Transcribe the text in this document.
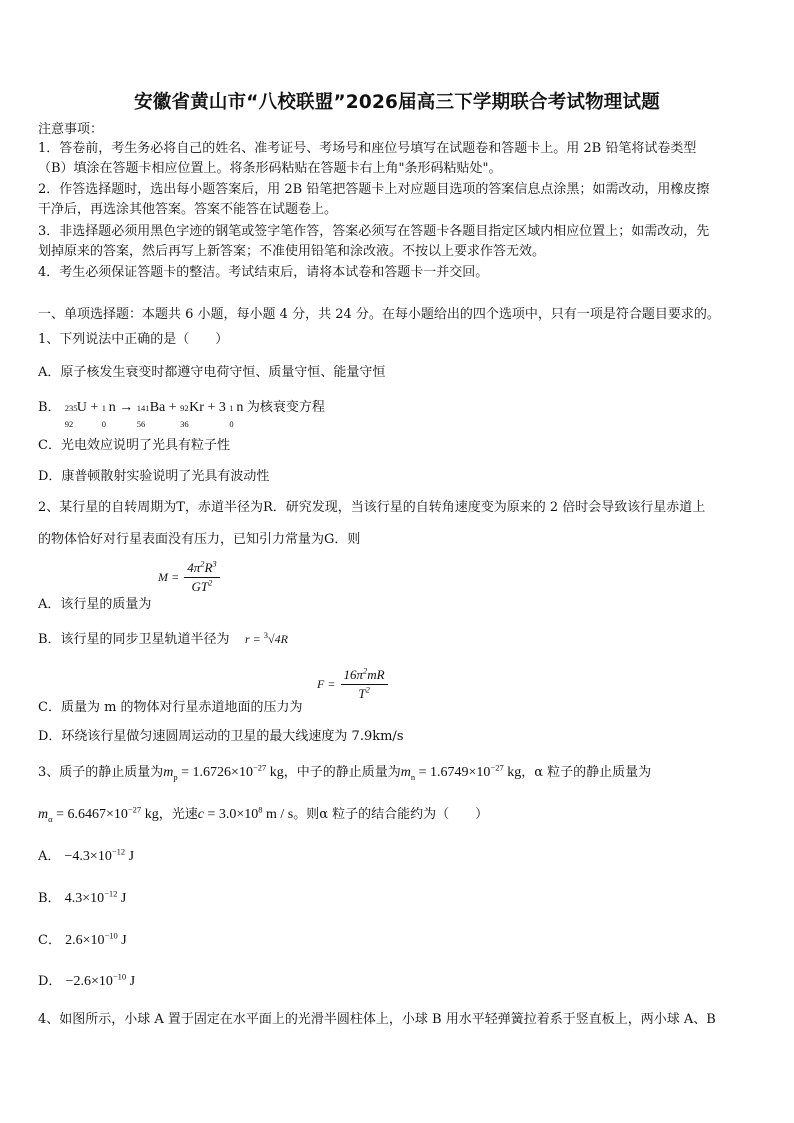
安徽省黄山市“八校联盟”2026届高三下学期联合考试物理试题
注意事项：
1．答卷前，考生务必将自己的姓名、准考证号、考场号和座位号填写在试题卷和答题卡上。用 2B 铅笔将试卷类型
（B）填涂在答题卡相应位置上。将条形码粘贴在答题卡右上角"条形码粘贴处"。
2．作答选择题时，选出每小题答案后，用 2B 铅笔把答题卡上对应题目选项的答案信息点涂黑；如需改动，用橡皮擦
干净后，再选涂其他答案。答案不能答在试题卷上。
3．非选择题必须用黑色字迹的钢笔或签字笔作答，答案必须写在答题卡各题目指定区域内相应位置上；如需改动，先
划掉原来的答案，然后再写上新答案；不准使用铅笔和涂改液。不按以上要求作答无效。
4．考生必须保证答题卡的整洁。考试结束后，请将本试卷和答题卡一并交回。
一、单项选择题：本题共 6 小题，每小题 4 分，共 24 分。在每小题给出的四个选项中，只有一项是符合题目要求的。
1、下列说法中正确的是（　　）
A．原子核发生衰变时都遵守电荷守恒、质量守恒、能量守恒
B． 235
92
U + 1
0
n → 141
56
Ba + 92
36
Kr + 3 1
0
n 为核衰变方程
C．光电效应说明了光具有粒子性
D．康普顿散射实验说明了光具有波动性
2、某行星的自转周期为T，赤道半径为R．研究发现，当该行星的自转角速度变为原来的 2 倍时会导致该行星赤道上
的物体恰好对行星表面没有压力，已知引力常量为G．则
A．该行星的质量为
$M = \frac{4\pi^2R^3}{GT^2}$
B．该行星的同步卫星轨道半径为 r = $^3$√4R
C．质量为 m 的物体对行星赤道地面的压力为
$F = \frac{16\pi^2mR}{T^2}$
D．环绕该行星做匀速圆周运动的卫星的最大线速度为 7.9km/s
3、质子的静止质量为$m_p = 1.6726\times 10^{-27}$ kg，中子的静止质量为$m_n = 1.6749\times 10^{-27}$ kg，α 粒子的静止质量为
$m_\alpha = 6.6467\times 10^{-27}$ kg，光速$c = 3.0\times 10^8$ m / s。则α 粒子的结合能约为（　　）
A． $-4.3\times 10^{-12}$ J
B． $4.3\times 10^{-12}$ J
C． $2.6\times 10^{-10}$ J
D． $-2.6\times 10^{-10}$ J
4、如图所示，小球 A 置于固定在水平面上的光滑半圆柱体上，小球 B 用水平轻弹簧拉着系于竖直板上，两小球 A、B
